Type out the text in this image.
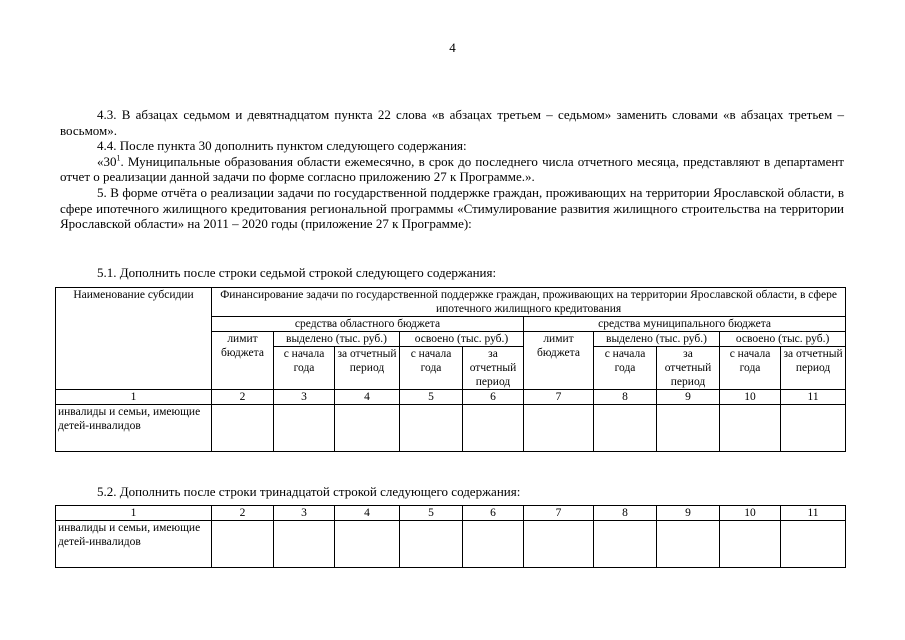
4

4.3. В абзацах седьмом и девятнадцатом пункта 22 слова «в абзацах третьем – седьмом» заменить словами «в абзацах третьем – восьмом».

4.4. После пункта 30 дополнить пунктом следующего содержания:

«$30^1$. Муниципальные образования области ежемесячно, в срок до последнего числа отчетного месяца, представляют в департамент отчет о реализации данной задачи по форме согласно приложению 27 к Программе.».

5. В форме отчёта о реализации задачи по государственной поддержке граждан, проживающих на территории Ярославской области, в сфере ипотечного жилищного кредитования региональной программы «Стимулирование развития жилищного строительства на территории Ярославской области» на 2011 – 2020 годы (приложение 27 к Программе):

5.1. Дополнить после строки седьмой строкой следующего содержания:
Наименование субсидии	Финансирование задачи по государственной поддержке граждан, проживающих на территории Ярославской области, в сфере ипотечного жилищного кредитования									
	средства областного бюджета					средства муниципального бюджета				
	лимит бюджета	выделено (тыс. руб.)		освоено (тыс. руб.)		лимит бюджета	выделено (тыс. руб.)		освоено (тыс. руб.)	
		с начала года	за отчетный период	с начала года	за отчетный период		с начала года	за отчетный период	с начала года	за отчетный период
1	2	3	4	5	6	7	8	9	10	11
инвалиды и семьи, имеющие детей-инвалидов										
5.2. Дополнить после строки тринадцатой строкой следующего содержания:
1	2	3	4	5	6	7	8	9	10	11
инвалиды и семьи, имеющие детей-инвалидов										
